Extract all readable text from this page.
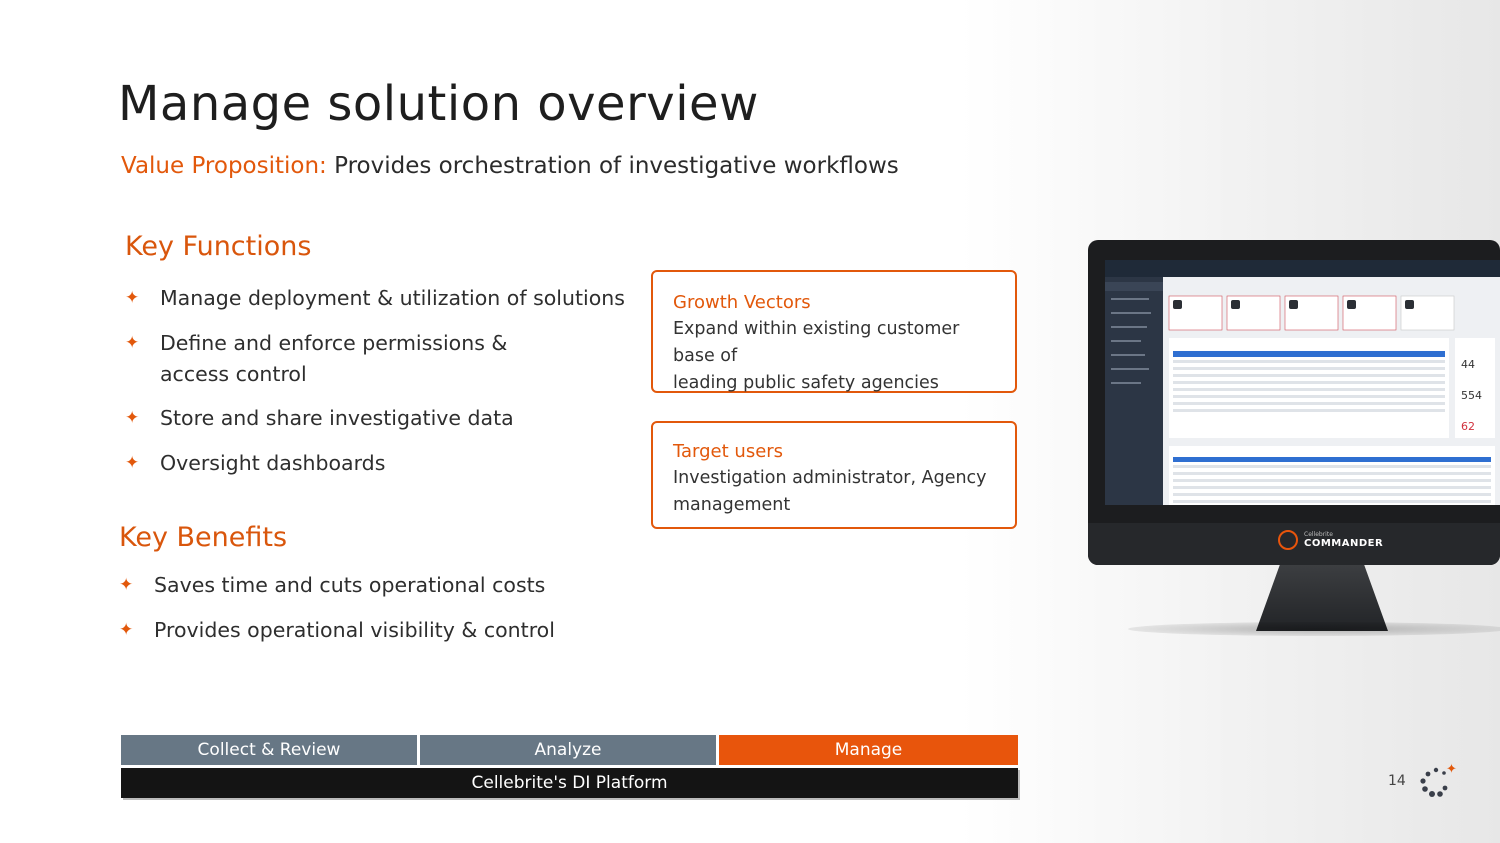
Manage solution overview
Value Proposition: Provides orchestration of investigative workflows
Key Functions
✦	Manage deployment & utilization of solutions
✦	Define and enforce permissions &
access control
✦	Store and share investigative data
✦	Oversight dashboards
Key Benefits
✦	Saves time and cuts operational costs
✦	Provides operational visibility & control
Growth Vectors
Expand within existing customer base of
leading public safety agencies
Target users
Investigation administrator, Agency
management
44
554
62
Cellebrite
COMMANDER
Collect & Review	Analyze	Manage
Cellebrite's DI Platform	14
✦
